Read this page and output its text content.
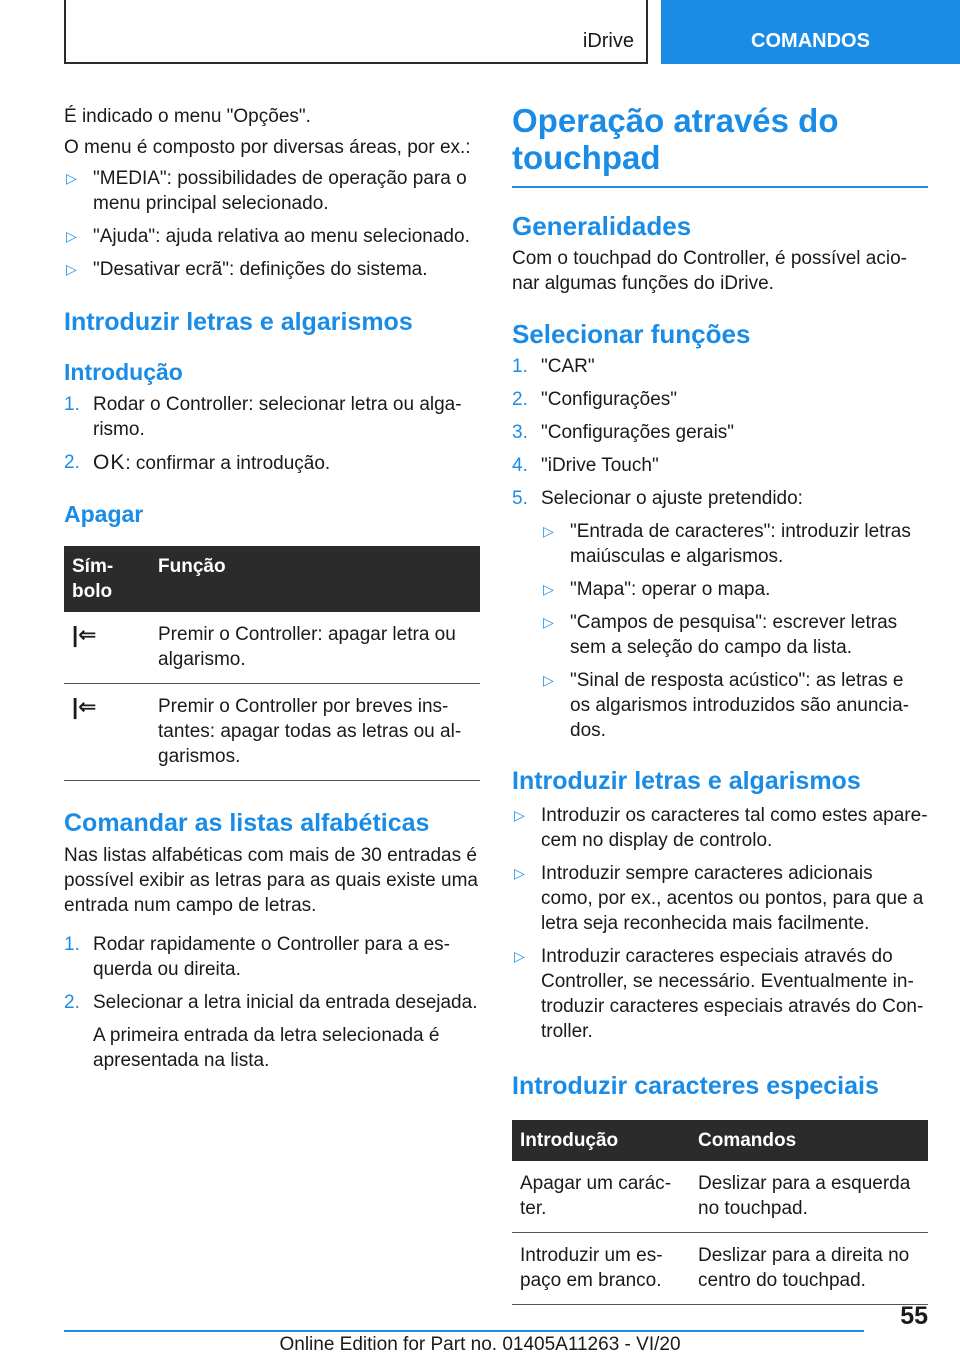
iDrive	COMANDOS

É indicado o menu "Opções".

O menu é composto por diversas áreas, por ex.:

▷ "MEDIA": possibilidades de operação para o menu principal selecionado.
▷ "Ajuda": ajuda relativa ao menu selecionado.
▷ "Desativar ecrã": definições do sistema.
Introduzir letras e algarismos
Introdução
1. Rodar o Controller: selecionar letra ou algarismo.
2. OK: confirmar a introdução.
Apagar
Símbolo	Função
|⇐	Premir o Controller: apagar letra ou algarismo.
|⇐	Premir o Controller por breves instantes: apagar todas as letras ou algarismos.
Comandar as listas alfabéticas

Nas listas alfabéticas com mais de 30 entradas é possível exibir as letras para as quais existe uma entrada num campo de letras.

1. Rodar rapidamente o Controller para a esquerda ou direita.
2. Selecionar a letra inicial da entrada desejada.

A primeira entrada da letra selecionada é apresentada na lista.

Operação através do touchpad
Generalidades

Com o touchpad do Controller, é possível acionar algumas funções do iDrive.

Selecionar funções
1. "CAR"
2. "Configurações"
3. "Configurações gerais"
4. "iDrive Touch"
5. Selecionar o ajuste pretendido:
▷ "Entrada de caracteres": introduzir letras maiúsculas e algarismos.
▷ "Mapa": operar o mapa.
▷ "Campos de pesquisa": escrever letras sem a seleção do campo da lista.
▷ "Sinal de resposta acústico": as letras e os algarismos introduzidos são anunciados.
Introduzir letras e algarismos
▷ Introduzir os caracteres tal como estes aparecem no display de controlo.
▷ Introduzir sempre caracteres adicionais como, por ex., acentos ou pontos, para que a letra seja reconhecida mais facilmente.
▷ Introduzir caracteres especiais através do Controller, se necessário. Eventualmente introduzir caracteres especiais através do Controller.
Introduzir caracteres especiais
Introdução	Comandos
Apagar um carácter.	Deslizar para a esquerda no touchpad.
Introduzir um espaço em branco.	Deslizar para a direita no centro do touchpad.
55
Online Edition for Part no. 01405A11263 - VI/20
